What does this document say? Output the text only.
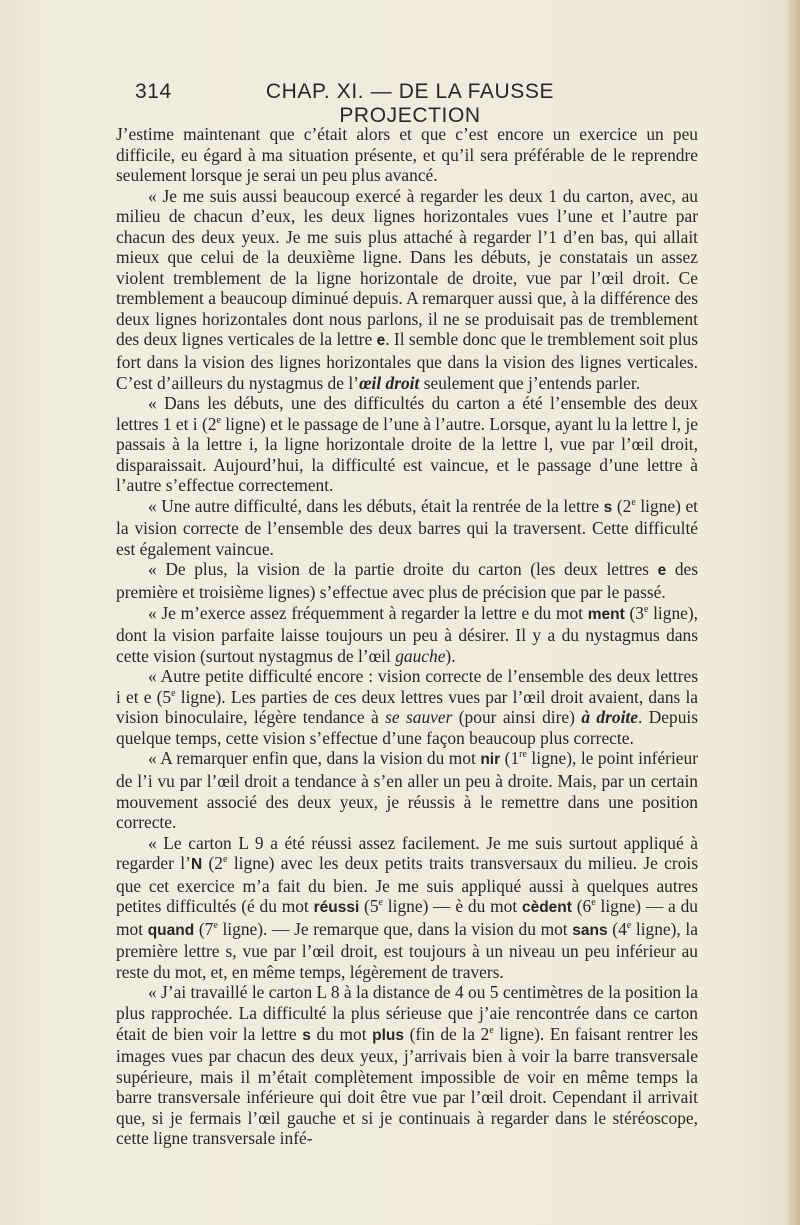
314	CHAP. XI. — DE LA FAUSSE PROJECTION

J’estime maintenant que c’était alors et que c’est encore un exercice un peu difficile, eu égard à ma situation présente, et qu’il sera préférable de le reprendre seulement lorsque je serai un peu plus avancé.

« Je me suis aussi beaucoup exercé à regarder les deux 1 du carton, avec, au milieu de chacun d’eux, les deux lignes horizontales vues l’une et l’autre par chacun des deux yeux. Je me suis plus attaché à regarder l’1 d’en bas, qui allait mieux que celui de la deuxième ligne. Dans les débuts, je constatais un assez violent tremblement de la ligne horizontale de droite, vue par l’œil droit. Ce tremblement a beaucoup diminué depuis. A remarquer aussi que, à la différence des deux lignes horizontales dont nous parlons, il ne se produisait pas de tremblement des deux lignes verticales de la lettre e. Il semble donc que le tremblement soit plus fort dans la vision des lignes horizontales que dans la vision des lignes verticales. C’est d’ailleurs du nystagmus de l’œil droit seulement que j’entends parler.

« Dans les débuts, une des difficultés du carton a été l’ensemble des deux lettres 1 et i (2e ligne) et le passage de l’une à l’autre. Lorsque, ayant lu la lettre l, je passais à la lettre i, la ligne horizontale droite de la lettre l, vue par l’œil droit, disparaissait. Aujourd’hui, la difficulté est vaincue, et le passage d’une lettre à l’autre s’effectue correctement.

« Une autre difficulté, dans les débuts, était la rentrée de la lettre s (2e ligne) et la vision correcte de l’ensemble des deux barres qui la traversent. Cette difficulté est également vaincue.

« De plus, la vision de la partie droite du carton (les deux lettres e des première et troisième lignes) s’effectue avec plus de précision que par le passé.

« Je m’exerce assez fréquemment à regarder la lettre e du mot ment (3e ligne), dont la vision parfaite laisse toujours un peu à désirer. Il y a du nystagmus dans cette vision (surtout nystagmus de l’œil gauche).

« Autre petite difficulté encore : vision correcte de l’ensemble des deux lettres i et e (5e ligne). Les parties de ces deux lettres vues par l’œil droit avaient, dans la vision binoculaire, légère tendance à se sauver (pour ainsi dire) à droite. Depuis quelque temps, cette vision s’effectue d’une façon beaucoup plus correcte.

« A remarquer enfin que, dans la vision du mot nir (1re ligne), le point inférieur de l’i vu par l’œil droit a tendance à s’en aller un peu à droite. Mais, par un certain mouvement associé des deux yeux, je réussis à le remettre dans une position correcte.

« Le carton L 9 a été réussi assez facilement. Je me suis surtout appliqué à regarder l’N (2e ligne) avec les deux petits traits transversaux du milieu. Je crois que cet exercice m’a fait du bien. Je me suis appliqué aussi à quelques autres petites difficultés (é du mot réussi (5e ligne) — è du mot cèdent (6e ligne) — a du mot quand (7e ligne). — Je remarque que, dans la vision du mot sans (4e ligne), la première lettre s, vue par l’œil droit, est toujours à un niveau un peu inférieur au reste du mot, et, en même temps, légèrement de travers.

« J’ai travaillé le carton L 8 à la distance de 4 ou 5 centimètres de la position la plus rapprochée. La difficulté la plus sérieuse que j’aie rencontrée dans ce carton était de bien voir la lettre s du mot plus (fin de la 2e ligne). En faisant rentrer les images vues par chacun des deux yeux, j’arrivais bien à voir la barre transversale supérieure, mais il m’était complètement impossible de voir en même temps la barre transversale inférieure qui doit être vue par l’œil droit. Cependant il arrivait que, si je fermais l’œil gauche et si je continuais à regarder dans le stéréoscope, cette ligne transversale infé-
